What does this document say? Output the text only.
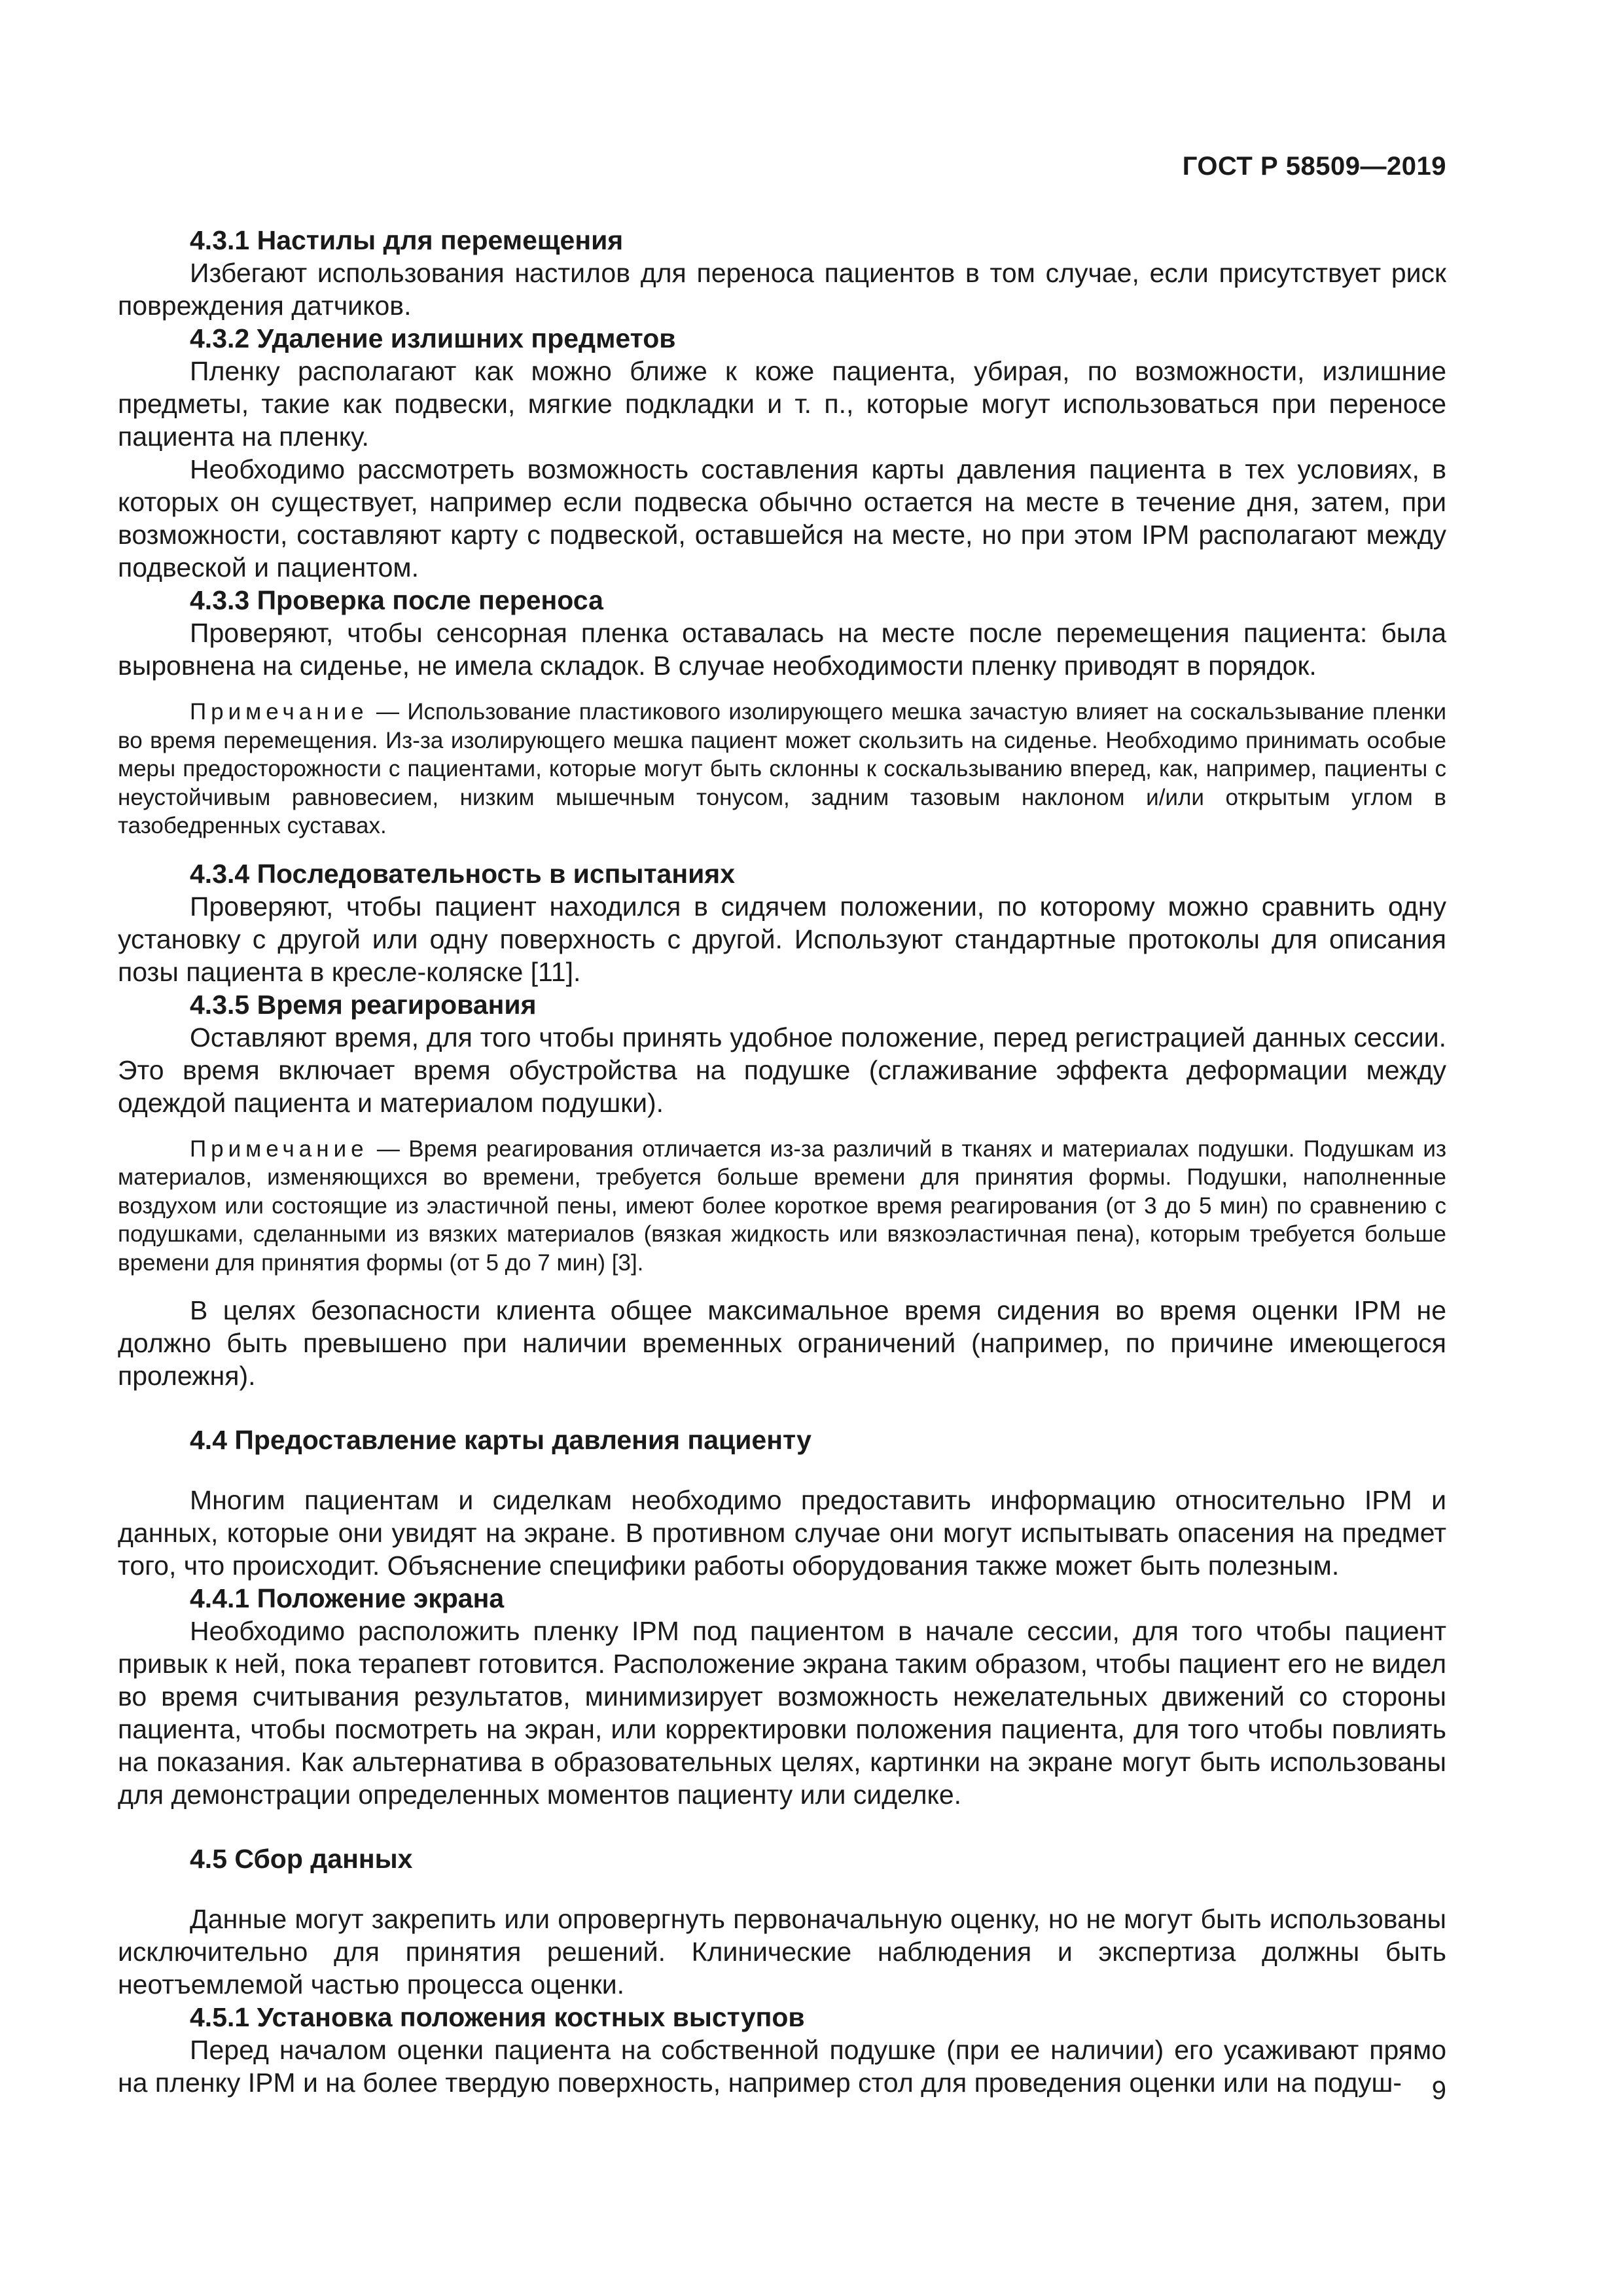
ГОСТ Р 58509—2019

4.3.1 Настилы для перемещения

Избегают использования настилов для переноса пациентов в том случае, если присутствует риск повреждения датчиков.

4.3.2 Удаление излишних предметов

Пленку располагают как можно ближе к коже пациента, убирая, по возможности, излишние предметы, такие как подвески, мягкие подкладки и т. п., которые могут использоваться при переносе пациента на пленку.

Необходимо рассмотреть возможность составления карты давления пациента в тех условиях, в которых он существует, например если подвеска обычно остается на месте в течение дня, затем, при возможности, составляют карту с подвеской, оставшейся на месте, но при этом IPM располагают между подвеской и пациентом.

4.3.3 Проверка после переноса

Проверяют, чтобы сенсорная пленка оставалась на месте после перемещения пациента: была выровнена на сиденье, не имела складок. В случае необходимости пленку приводят в порядок.

Примечание — Использование пластикового изолирующего мешка зачастую влияет на соскальзывание пленки во время перемещения. Из-за изолирующего мешка пациент может скользить на сиденье. Необходимо принимать особые меры предосторожности с пациентами, которые могут быть склонны к соскальзыванию вперед, как, например, пациенты с неустойчивым равновесием, низким мышечным тонусом, задним тазовым наклоном и/или открытым углом в тазобедренных суставах.

4.3.4 Последовательность в испытаниях

Проверяют, чтобы пациент находился в сидячем положении, по которому можно сравнить одну установку с другой или одну поверхность с другой. Используют стандартные протоколы для описания позы пациента в кресле-коляске [11].

4.3.5 Время реагирования

Оставляют время, для того чтобы принять удобное положение, перед регистрацией данных сессии. Это время включает время обустройства на подушке (сглаживание эффекта деформации между одеждой пациента и материалом подушки).

Примечание — Время реагирования отличается из-за различий в тканях и материалах подушки. Подушкам из материалов, изменяющихся во времени, требуется больше времени для принятия формы. Подушки, наполненные воздухом или состоящие из эластичной пены, имеют более короткое время реагирования (от 3 до 5 мин) по сравнению с подушками, сделанными из вязких материалов (вязкая жидкость или вязкоэластичная пена), которым требуется больше времени для принятия формы (от 5 до 7 мин) [3].

В целях безопасности клиента общее максимальное время сидения во время оценки IPM не должно быть превышено при наличии временных ограничений (например, по причине имеющегося пролежня).

4.4 Предоставление карты давления пациенту

Многим пациентам и сиделкам необходимо предоставить информацию относительно IPM и данных, которые они увидят на экране. В противном случае они могут испытывать опасения на предмет того, что происходит. Объяснение специфики работы оборудования также может быть полезным.

4.4.1 Положение экрана

Необходимо расположить пленку IPM под пациентом в начале сессии, для того чтобы пациент привык к ней, пока терапевт готовится. Расположение экрана таким образом, чтобы пациент его не видел во время считывания результатов, минимизирует возможность нежелательных движений со стороны пациента, чтобы посмотреть на экран, или корректировки положения пациента, для того чтобы повлиять на показания. Как альтернатива в образовательных целях, картинки на экране могут быть использованы для демонстрации определенных моментов пациенту или сиделке.

4.5 Сбор данных

Данные могут закрепить или опровергнуть первоначальную оценку, но не могут быть использованы исключительно для принятия решений. Клинические наблюдения и экспертиза должны быть неотъемлемой частью процесса оценки.

4.5.1 Установка положения костных выступов

Перед началом оценки пациента на собственной подушке (при ее наличии) его усаживают прямо на пленку IPM и на более твердую поверхность, например стол для проведения оценки или на подуш-	9
